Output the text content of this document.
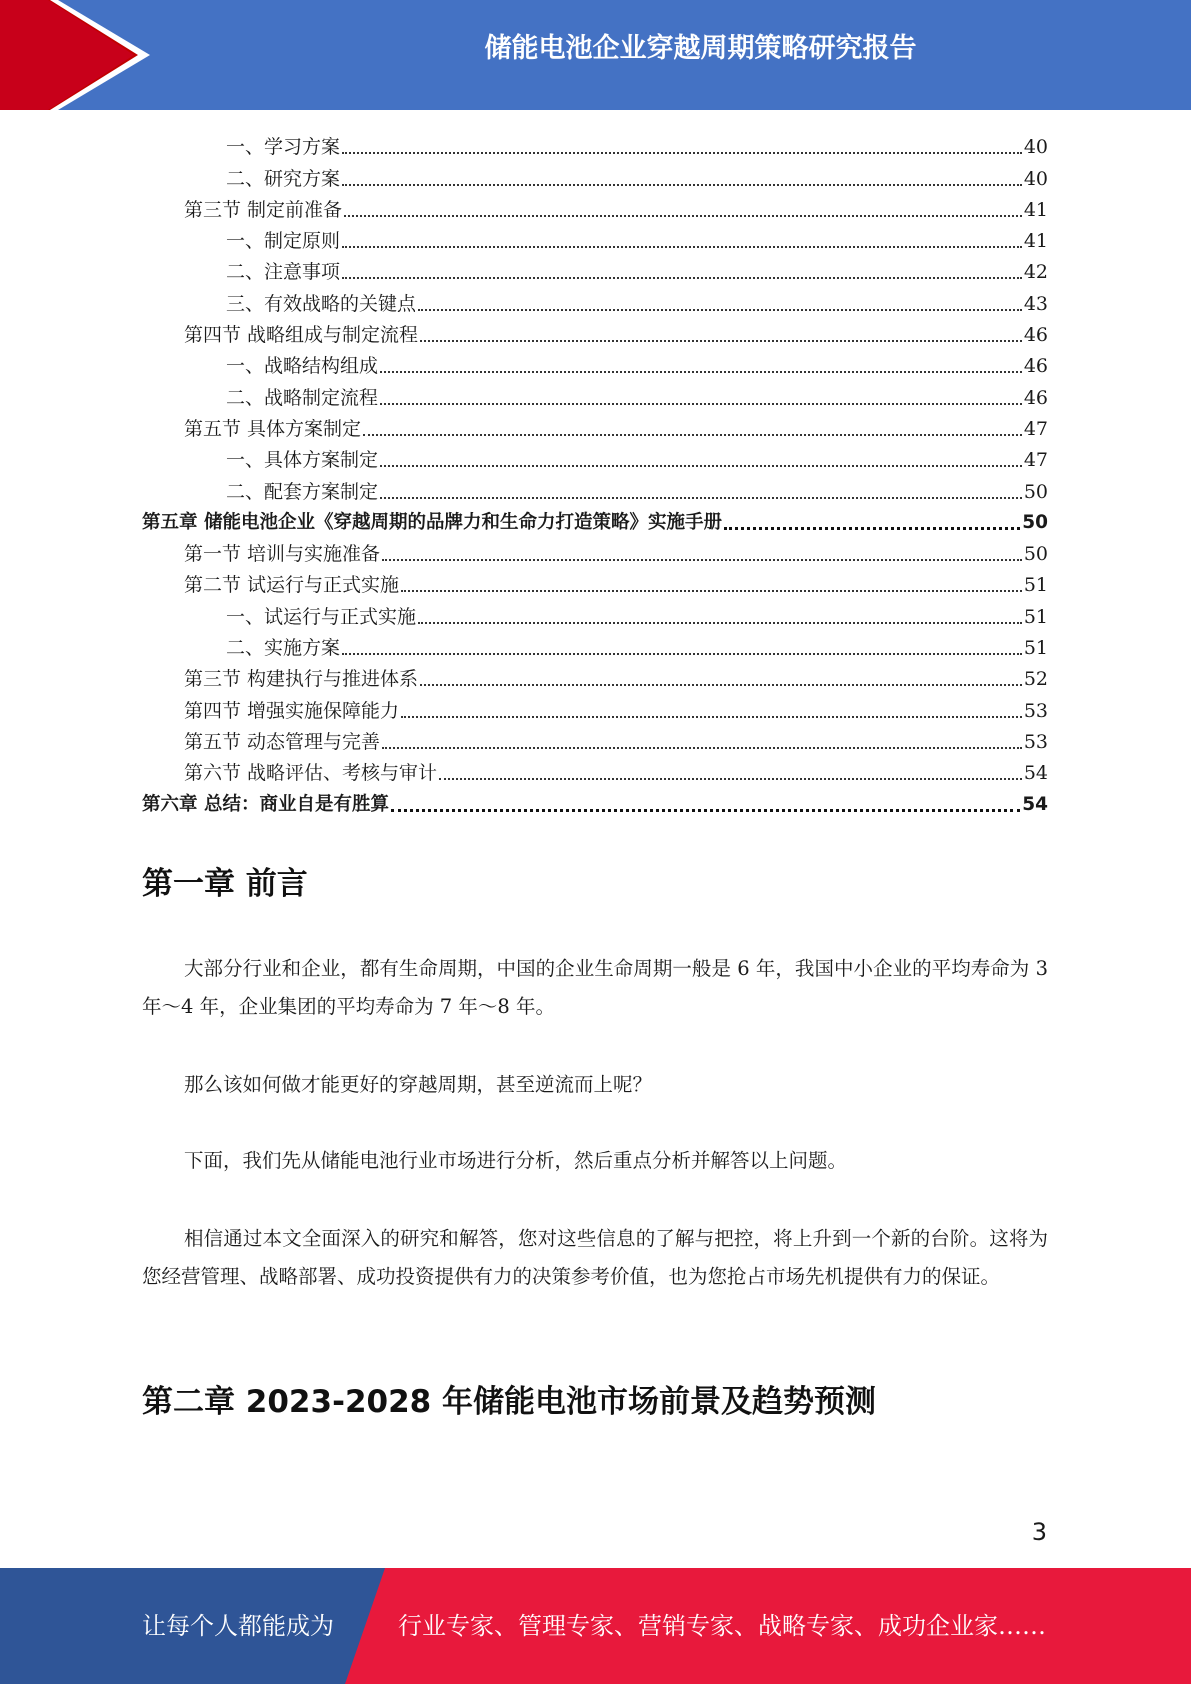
储能电池企业穿越周期策略研究报告
一、学习方案	40
二、研究方案	40
第三节 制定前准备	41
一、制定原则	41
二、注意事项	42
三、有效战略的关键点	43
第四节 战略组成与制定流程	46
一、战略结构组成	46
二、战略制定流程	46
第五节 具体方案制定	47
一、具体方案制定	47
二、配套方案制定	50
第五章 储能电池企业《穿越周期的品牌力和生命力打造策略》实施手册	50
第一节 培训与实施准备	50
第二节 试运行与正式实施	51
一、试运行与正式实施	51
二、实施方案	51
第三节 构建执行与推进体系	52
第四节 增强实施保障能力	53
第五节 动态管理与完善	53
第六节 战略评估、考核与审计	54
第六章 总结：商业自是有胜算	54
第一章 前言

大部分行业和企业，都有生命周期，中国的企业生命周期一般是 6 年，我国中小企业的平均寿命为 3 年～4 年，企业集团的平均寿命为 7 年～8 年。

那么该如何做才能更好的穿越周期，甚至逆流而上呢？

下面，我们先从储能电池行业市场进行分析，然后重点分析并解答以上问题。

相信通过本文全面深入的研究和解答，您对这些信息的了解与把控，将上升到一个新的台阶。这将为您经营管理、战略部署、成功投资提供有力的决策参考价值，也为您抢占市场先机提供有力的保证。

第二章 2023-2028 年储能电池市场前景及趋势预测
3
让每个人都能成为	行业专家、管理专家、营销专家、战略专家、成功企业家……
